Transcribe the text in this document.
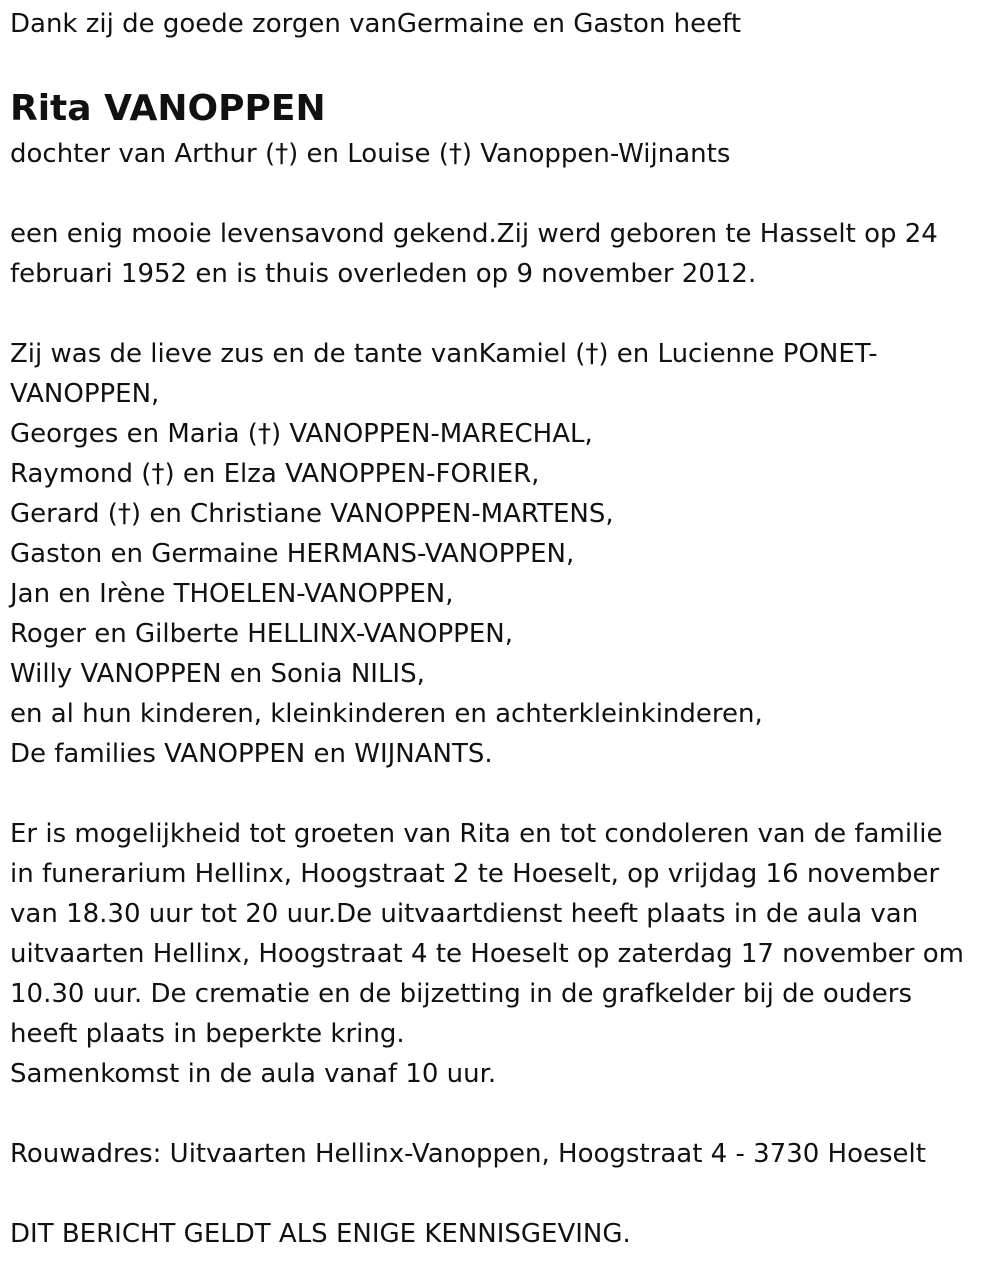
Dank zij de goede zorgen vanGermaine en Gaston heeft
Rita VANOPPEN
dochter van Arthur (†) en Louise (†) Vanoppen-Wijnants
een enig mooie levensavond gekend.Zij werd geboren te Hasselt op 24
februari 1952 en is thuis overleden op 9 november 2012.
Zij was de lieve zus en de tante vanKamiel (†) en Lucienne PONET-
VANOPPEN,
Georges en Maria (†) VANOPPEN-MARECHAL,
Raymond (†) en Elza VANOPPEN-FORIER,
Gerard (†) en Christiane VANOPPEN-MARTENS,
Gaston en Germaine HERMANS-VANOPPEN,
Jan en Irène THOELEN-VANOPPEN,
Roger en Gilberte HELLINX-VANOPPEN,
Willy VANOPPEN en Sonia NILIS,
en al hun kinderen, kleinkinderen en achterkleinkinderen,
De families VANOPPEN en WIJNANTS.
Er is mogelijkheid tot groeten van Rita en tot condoleren van de familie
in funerarium Hellinx, Hoogstraat 2 te Hoeselt, op vrijdag 16 november
van 18.30 uur tot 20 uur.De uitvaartdienst heeft plaats in de aula van
uitvaarten Hellinx, Hoogstraat 4 te Hoeselt op zaterdag 17 november om
10.30 uur. De crematie en de bijzetting in de grafkelder bij de ouders
heeft plaats in beperkte kring.
Samenkomst in de aula vanaf 10 uur.
Rouwadres: Uitvaarten Hellinx-Vanoppen, Hoogstraat 4 - 3730 Hoeselt
DIT BERICHT GELDT ALS ENIGE KENNISGEVING.
